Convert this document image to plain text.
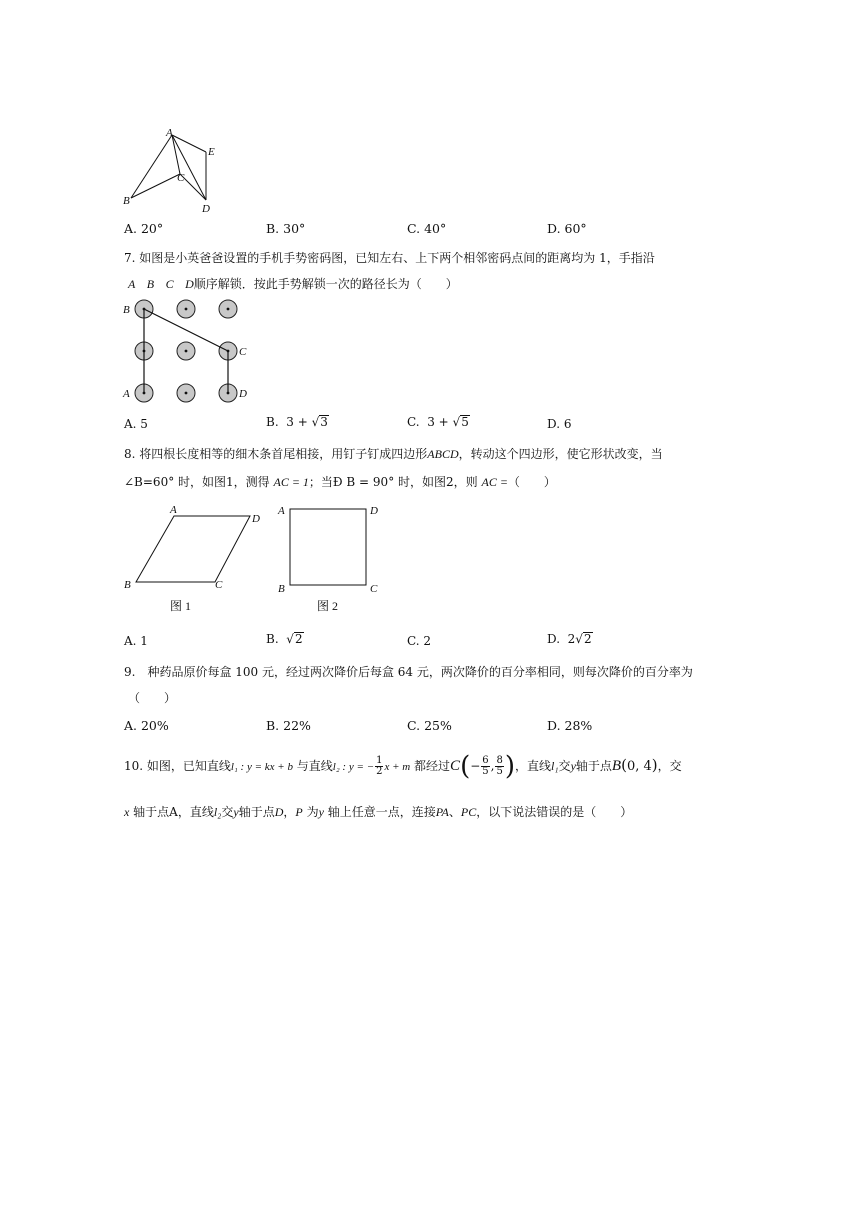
A
B
C
D
E
A. 20°	B. 30°	C. 40°	D. 60°
7. 如图是小英爸爸设置的手机手势密码图，已知左右、上下两个相邻密码点间的距离均为 1，手指沿
A B C D顺序解锁．按此手势解锁一次的路径长为（　　）
B
C
A	D
A. 5	B. 3 + √3	C. 3 + √5	D. 6
8. 将四根长度相等的细木条首尾相接，用钉子钉成四边形ABCD，转动这个四边形，使它形状改变，当
∠B=60° 时，如图1，测得 AC = 1；当Ð B = 90° 时，如图2，则 AC =（　　）
A
D
B	C
图 1
A	D
B	C
图 2
A. 1	B. √2	C. 2	D. 2√2
9.　种药品原价每盒 100 元，经过两次降价后每盒 64 元，两次降价的百分率相同，则每次降价的百分率为
（　　）
A. 20%	B. 22%	C. 25%	D. 28%
10. 如图，已知直线l₁ : y = kx + b 与直线l₂ : y = − $\frac{1}{2}$ x + m 都经过$C(- \frac{6}{5}$ , $\frac{8}{5}$ )，直线l₁交y轴于点B(0, 4)，交
x 轴于点A，直线l₂交y轴于点D，P 为y 轴上任意一点，连接PA、PC，以下说法错误的是（　　）
